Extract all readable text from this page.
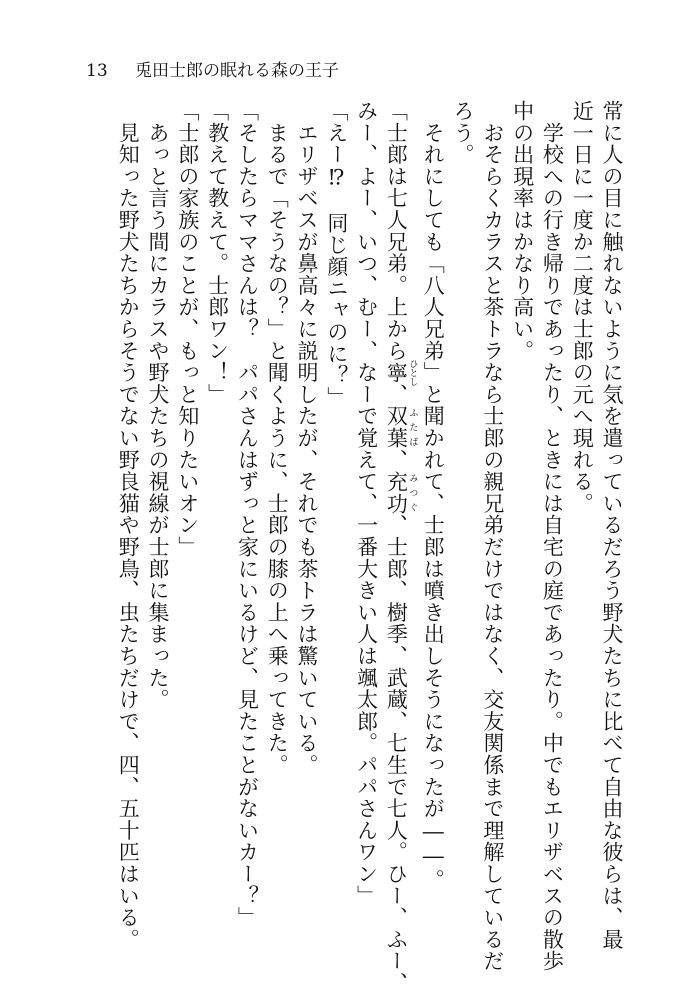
13 兎田士郎の眠れる森の王子
常に人の目に触れないように気を遣っているだろう野犬たちに比べて自由な彼らは、最
近一日に一度か二度は士郎の元へ現れる。
　学校への行き帰りであったり、ときには自宅の庭であったり。中でもエリザベスの散歩
中の出現率はかなり高い。
　おそらくカラスと茶トラなら士郎の親兄弟だけではなく、交友関係まで理解しているだ
ろう。
　それにしても「八人兄弟」と聞かれて、士郎は噴き出しそうになったが――。
「士郎は七人兄弟。上から寧 ひとし、双葉 ふたば、充功 みつぐ、士郎、樹季、武蔵、七生で七人。ひー、ふー、
みー、よー、いつ、むー、なーで覚えて、一番大きい人は颯太郎。パパさんワン」
「えー⁉　同じ顔ニャのに？」
　エリザベスが鼻高々に説明したが、それでも茶トラは驚いている。
　まるで「そうなの？」と聞くように、士郎の膝の上へ乗ってきた。
「そしたらママさんは？　パパさんはずっと家にいるけど、見たことがないカー？」
「教えて教えて。士郎ワン！」
「士郎の家族のことが、もっと知りたいオン」
　あっと言う間にカラスや野犬たちの視線が士郎に集まった。
　見知った野犬たちからそうでない野良猫や野鳥、虫たちだけで、四、五十匹はいる。
